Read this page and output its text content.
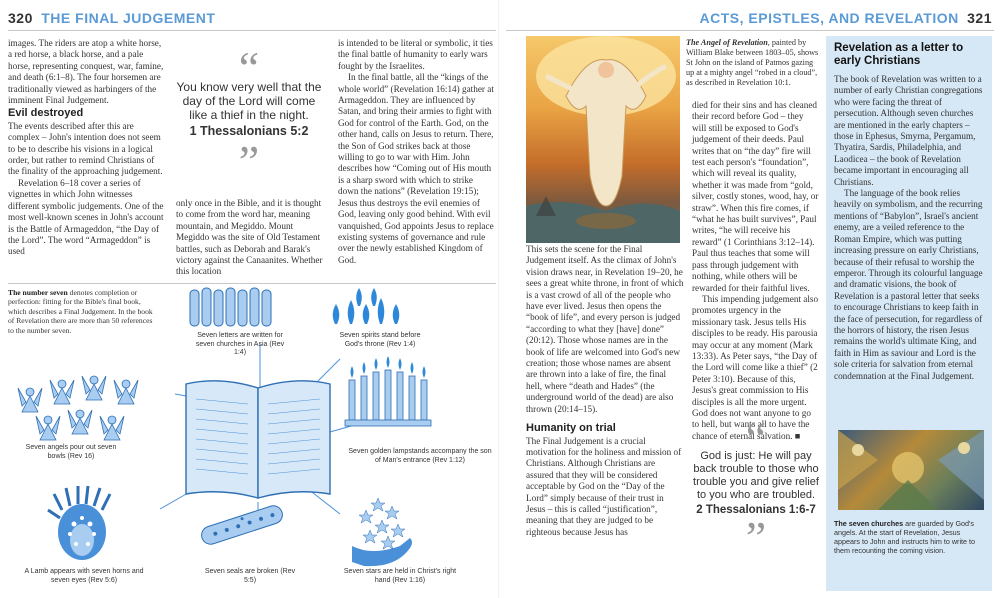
320 THE FINAL JUDGEMENT

images. The riders are atop a white horse, a red horse, a black horse, and a pale horse, representing conquest, war, famine, and death (6:1–8). The four horsemen are traditionally viewed as harbingers of the imminent Final Judgement.

Evil destroyed

The events described after this are complex – John's intention does not seem to be to describe his visions in a logical order, but rather to remind Christians of the finality of the approaching judgement.

Revelation 6–18 cover a series of vignettes in which John witnesses different symbolic judgements. One of the most well-known scenes in John's account is the Battle of Armageddon, “the Day of the Lord”. The word “Armageddon” is used

“
You know very well that the day of the Lord will come like a thief in the night.
1 Thessalonians 5:2
”

only once in the Bible, and it is thought to come from the word har, meaning mountain, and Megiddo. Mount Megiddo was the site of Old Testament battles, such as Deborah and Barak's victory against the Canaanites. Whether this location

is intended to be literal or symbolic, it ties the final battle of humanity to early wars fought by the Israelites.

In the final battle, all the “kings of the whole world” (Revelation 16:14) gather at Armageddon. They are influenced by Satan, and bring their armies to fight with God for control of the Earth. God, on the other hand, calls on Jesus to return. There, the Son of God strikes back at those willing to go to war with Him. John describes how “Coming out of His mouth is a sharp sword with which to strike down the nations” (Revelation 19:15); Jesus thus destroys the evil enemies of God, leaving only good behind. With evil vanquished, God appoints Jesus to replace existing systems of governance and rule over the newly established Kingdom of God.

The number seven denotes completion or perfection: fitting for the Bible's final book, which describes a Final Judgement. In the book of Revelation there are more than 50 references to the number seven.
Seven letters are written for seven churches in Asia (Rev 1:4)
Seven spirits stand before God's throne (Rev 1:4)
Seven angels pour out seven bowls (Rev 16)
Seven golden lampstands accompany the son of Man's entrance (Rev 1:12)
A Lamb appears with seven horns and seven eyes (Rev 5:6)
Seven seals are broken (Rev 5:5)
Seven stars are held in Christ's right hand (Rev 1:16)
ACTS, EPISTLES, AND REVELATION 321
The Angel of Revelation, painted by William Blake between 1803–05, shows St John on the island of Patmos gazing up at a mighty angel “robed in a cloud”, as described in Revelation 10:1.

This sets the scene for the Final Judgement itself. As the climax of John's vision draws near, in Revelation 19–20, he sees a great white throne, in front of which is a vast crowd of all of the people who have ever lived. Jesus then opens the “book of life”, and every person is judged “according to what they [have] done” (20:12). Those whose names are in the book of life are welcomed into God's new creation; those whose names are absent are thrown into a lake of fire, the final hell, where “death and Hades” (the underground world of the dead) are also thrown (20:14–15).

Humanity on trial

The Final Judgement is a crucial motivation for the holiness and mission of Christians. Although Christians are assured that they will be considered acceptable by God on the “Day of the Lord” simply because of their trust in Jesus – this is called “justification”, meaning that they are judged to be righteous because Jesus has

died for their sins and has cleaned their record before God – they will still be exposed to God's judgement of their deeds. Paul writes that on “the day” fire will test each person's “foundation”, which will reveal its quality, whether it was made from “gold, silver, costly stones, wood, hay, or straw”. When this fire comes, if “what he has built survives”, Paul writes, “he will receive his reward” (1 Corinthians 3:12–14). Paul thus teaches that some will pass through judgement with nothing, while others will be rewarded for their faithful lives.

This impending judgement also promotes urgency in the missionary task. Jesus tells His disciples to be ready. His parousia may occur at any moment (Mark 13:33). As Peter says, “the Day of the Lord will come like a thief” (2 Peter 3:10). Because of this, Jesus's great commission to His disciples is all the more urgent. God does not want anyone to go to hell, but wants all to have the chance of eternal salvation. ■

“
God is just: He will pay back trouble to those who trouble you and give relief to you who are troubled.
2 Thessalonians 1:6-7
”
Revelation as a letter to early Christians

The book of Revelation was written to a number of early Christian congregations who were facing the threat of persecution. Although seven churches are mentioned in the early chapters – those in Ephesus, Smyrna, Pergamum, Thyatira, Sardis, Philadelphia, and Laodicea – the book of Revelation became important in encouraging all Christians.

The language of the book relies heavily on symbolism, and the recurring mentions of “Babylon”, Israel's ancient enemy, are a veiled reference to the Roman Empire, which was putting increasing pressure on early Christians, because of their refusal to worship the emperor. Through its colourful language and dramatic visions, the book of Revelation is a pastoral letter that seeks to encourage Christians to keep faith in the face of persecution, for regardless of the horrors of history, the risen Jesus remains the world's ultimate King, and faith in Him as saviour and Lord is the sole criteria for salvation from eternal condemnation at the Final Judgement.

The seven churches are guarded by God's angels. At the start of Revelation, Jesus appears to John and instructs him to write to them recounting the coming vision.
